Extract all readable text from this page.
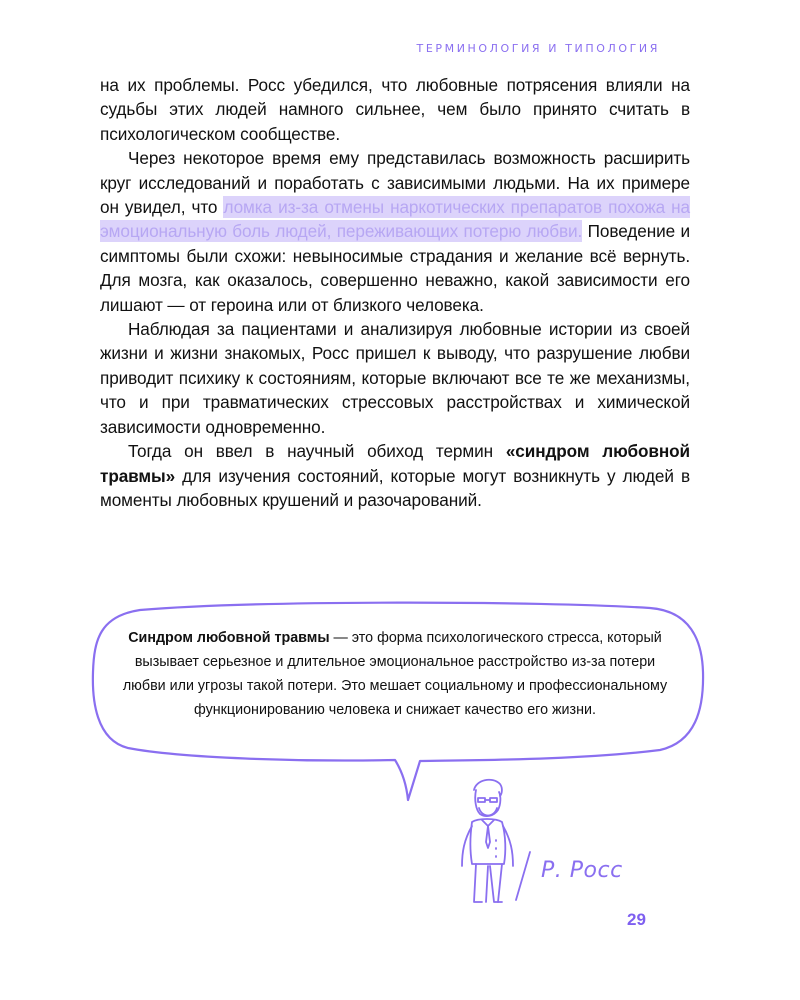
ТЕРМИНОЛОГИЯ И ТИПОЛОГИЯ

на их проблемы. Росс убедился, что любовные потрясения влияли на судьбы этих людей намного сильнее, чем было принято считать в психологическом сообществе.

Через некоторое время ему представилась возможность расширить круг исследований и поработать с зависимыми людьми. На их примере он увидел, что ломка из-за отмены наркотических препаратов похожа на эмоциональную боль людей, переживающих потерю любви. Поведение и симптомы были схожи: невыносимые страдания и желание всё вернуть. Для мозга, как оказалось, совершенно неважно, какой зависимости его лишают — от героина или от близкого человека.

Наблюдая за пациентами и анализируя любовные истории из своей жизни и жизни знакомых, Росс пришел к выводу, что разрушение любви приводит психику к состояниям, которые включают все те же механизмы, что и при травматических стрессовых расстройствах и химической зависимости одновременно.

Тогда он ввел в научный обиход термин «синдром любовной травмы» для изучения состояний, которые могут возникнуть у людей в моменты любовных крушений и разочарований.

Синдром любовной травмы — это форма психологического стресса, который вызывает серьезное и длительное эмоциональное расстройство из-за потери любви или угрозы такой потери. Это мешает социальному и профессиональному функционированию человека и снижает качество его жизни.
Р. Росс
29
